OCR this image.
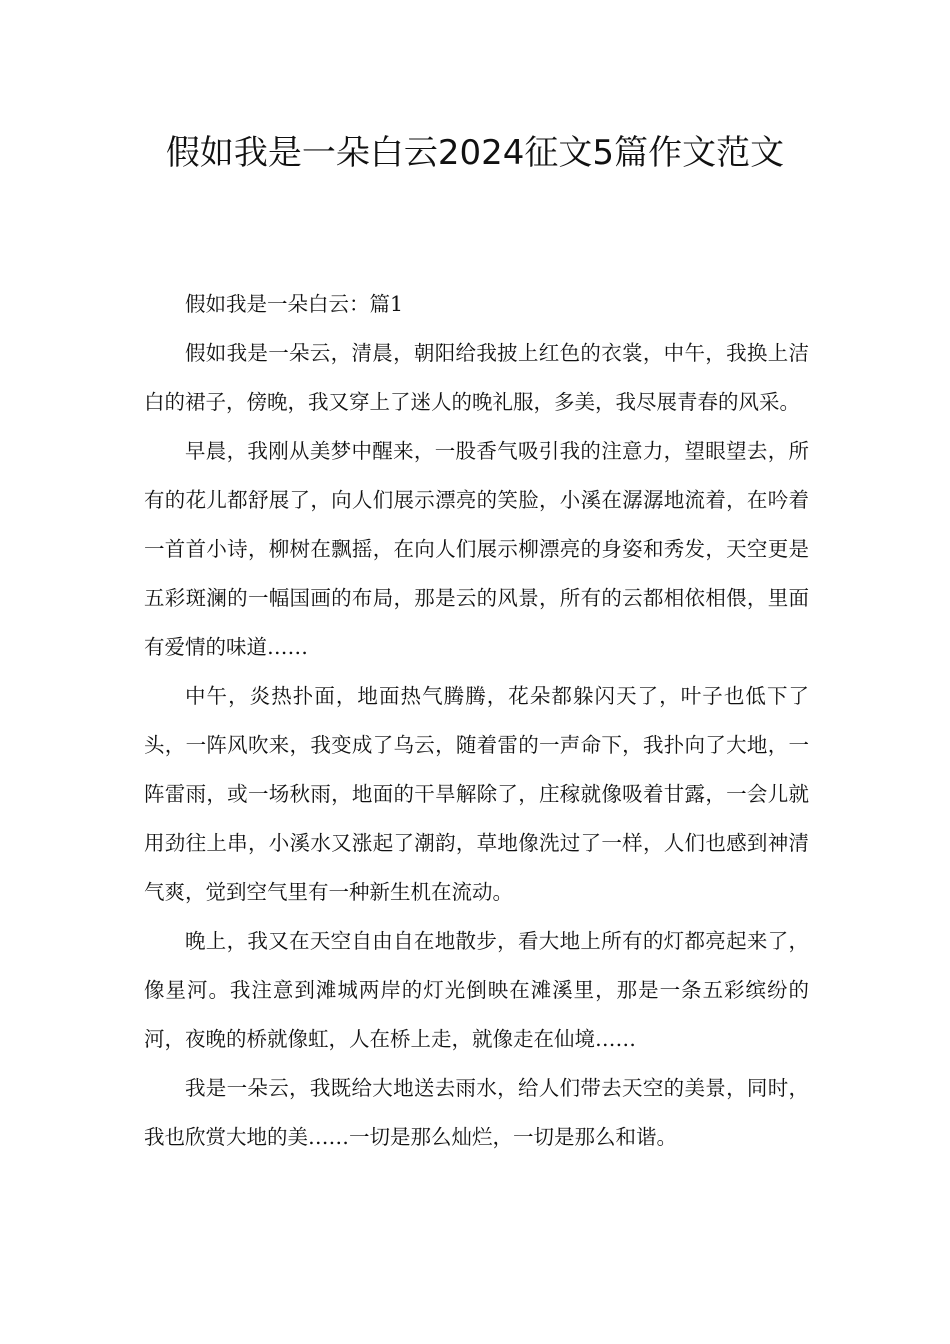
假如我是一朵白云2024征文5篇作文范文

假如我是一朵白云：篇1

假如我是一朵云，清晨，朝阳给我披上红色的衣裳，中午，我换上洁白的裙子，傍晚，我又穿上了迷人的晚礼服，多美，我尽展青春的风采。

早晨，我刚从美梦中醒来，一股香气吸引我的注意力，望眼望去，所有的花儿都舒展了，向人们展示漂亮的笑脸，小溪在潺潺地流着，在吟着一首首小诗，柳树在飘摇，在向人们展示柳漂亮的身姿和秀发，天空更是五彩斑澜的一幅国画的布局，那是云的风景，所有的云都相依相偎，里面有爱情的味道……

中午，炎热扑面，地面热气腾腾，花朵都躲闪天了，叶子也低下了头，一阵风吹来，我变成了乌云，随着雷的一声命下，我扑向了大地，一阵雷雨，或一场秋雨，地面的干旱解除了，庄稼就像吸着甘露，一会儿就用劲往上串，小溪水又涨起了潮韵，草地像洗过了一样，人们也感到神清气爽，觉到空气里有一种新生机在流动。

晚上，我又在天空自由自在地散步，看大地上所有的灯都亮起来了，像星河。我注意到滩城两岸的灯光倒映在滩溪里，那是一条五彩缤纷的河，夜晚的桥就像虹，人在桥上走，就像走在仙境……

我是一朵云，我既给大地送去雨水，给人们带去天空的美景，同时，我也欣赏大地的美……一切是那么灿烂，一切是那么和谐。
